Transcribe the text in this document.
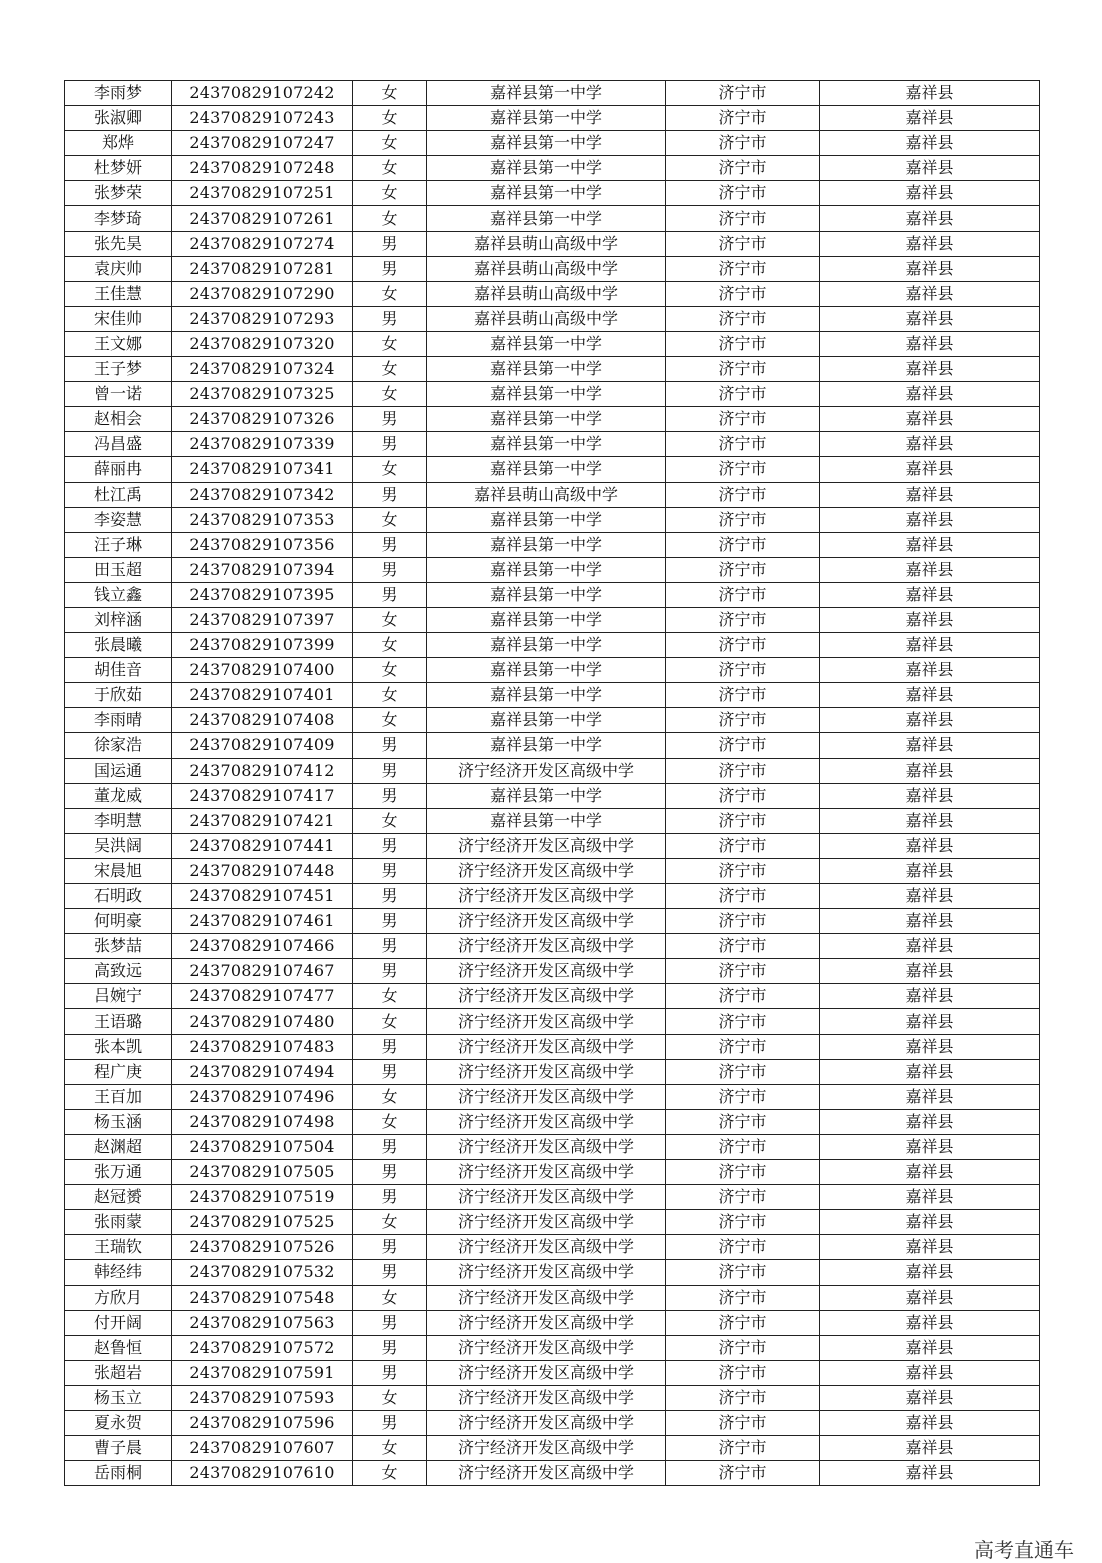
李雨梦	24370829107242	女	嘉祥县第一中学	济宁市	嘉祥县
张淑卿	24370829107243	女	嘉祥县第一中学	济宁市	嘉祥县
郑烨	24370829107247	女	嘉祥县第一中学	济宁市	嘉祥县
杜梦妍	24370829107248	女	嘉祥县第一中学	济宁市	嘉祥县
张梦荣	24370829107251	女	嘉祥县第一中学	济宁市	嘉祥县
李梦琦	24370829107261	女	嘉祥县第一中学	济宁市	嘉祥县
张先昊	24370829107274	男	嘉祥县萌山高级中学	济宁市	嘉祥县
袁庆帅	24370829107281	男	嘉祥县萌山高级中学	济宁市	嘉祥县
王佳慧	24370829107290	女	嘉祥县萌山高级中学	济宁市	嘉祥县
宋佳帅	24370829107293	男	嘉祥县萌山高级中学	济宁市	嘉祥县
王文娜	24370829107320	女	嘉祥县第一中学	济宁市	嘉祥县
王子梦	24370829107324	女	嘉祥县第一中学	济宁市	嘉祥县
曾一诺	24370829107325	女	嘉祥县第一中学	济宁市	嘉祥县
赵相会	24370829107326	男	嘉祥县第一中学	济宁市	嘉祥县
冯昌盛	24370829107339	男	嘉祥县第一中学	济宁市	嘉祥县
薛丽冉	24370829107341	女	嘉祥县第一中学	济宁市	嘉祥县
杜江禹	24370829107342	男	嘉祥县萌山高级中学	济宁市	嘉祥县
李姿慧	24370829107353	女	嘉祥县第一中学	济宁市	嘉祥县
汪子琳	24370829107356	男	嘉祥县第一中学	济宁市	嘉祥县
田玉超	24370829107394	男	嘉祥县第一中学	济宁市	嘉祥县
钱立鑫	24370829107395	男	嘉祥县第一中学	济宁市	嘉祥县
刘梓涵	24370829107397	女	嘉祥县第一中学	济宁市	嘉祥县
张晨曦	24370829107399	女	嘉祥县第一中学	济宁市	嘉祥县
胡佳音	24370829107400	女	嘉祥县第一中学	济宁市	嘉祥县
于欣茹	24370829107401	女	嘉祥县第一中学	济宁市	嘉祥县
李雨晴	24370829107408	女	嘉祥县第一中学	济宁市	嘉祥县
徐家浩	24370829107409	男	嘉祥县第一中学	济宁市	嘉祥县
国运通	24370829107412	男	济宁经济开发区高级中学	济宁市	嘉祥县
董龙威	24370829107417	男	嘉祥县第一中学	济宁市	嘉祥县
李明慧	24370829107421	女	嘉祥县第一中学	济宁市	嘉祥县
吴洪阔	24370829107441	男	济宁经济开发区高级中学	济宁市	嘉祥县
宋晨旭	24370829107448	男	济宁经济开发区高级中学	济宁市	嘉祥县
石明政	24370829107451	男	济宁经济开发区高级中学	济宁市	嘉祥县
何明豪	24370829107461	男	济宁经济开发区高级中学	济宁市	嘉祥县
张梦喆	24370829107466	男	济宁经济开发区高级中学	济宁市	嘉祥县
高致远	24370829107467	男	济宁经济开发区高级中学	济宁市	嘉祥县
吕婉宁	24370829107477	女	济宁经济开发区高级中学	济宁市	嘉祥县
王语璐	24370829107480	女	济宁经济开发区高级中学	济宁市	嘉祥县
张本凯	24370829107483	男	济宁经济开发区高级中学	济宁市	嘉祥县
程广庚	24370829107494	男	济宁经济开发区高级中学	济宁市	嘉祥县
王百加	24370829107496	女	济宁经济开发区高级中学	济宁市	嘉祥县
杨玉涵	24370829107498	女	济宁经济开发区高级中学	济宁市	嘉祥县
赵渊超	24370829107504	男	济宁经济开发区高级中学	济宁市	嘉祥县
张万通	24370829107505	男	济宁经济开发区高级中学	济宁市	嘉祥县
赵冠赟	24370829107519	男	济宁经济开发区高级中学	济宁市	嘉祥县
张雨蒙	24370829107525	女	济宁经济开发区高级中学	济宁市	嘉祥县
王瑞钦	24370829107526	男	济宁经济开发区高级中学	济宁市	嘉祥县
韩经纬	24370829107532	男	济宁经济开发区高级中学	济宁市	嘉祥县
方欣月	24370829107548	女	济宁经济开发区高级中学	济宁市	嘉祥县
付开阔	24370829107563	男	济宁经济开发区高级中学	济宁市	嘉祥县
赵鲁恒	24370829107572	男	济宁经济开发区高级中学	济宁市	嘉祥县
张超岩	24370829107591	男	济宁经济开发区高级中学	济宁市	嘉祥县
杨玉立	24370829107593	女	济宁经济开发区高级中学	济宁市	嘉祥县
夏永贺	24370829107596	男	济宁经济开发区高级中学	济宁市	嘉祥县
曹子晨	24370829107607	女	济宁经济开发区高级中学	济宁市	嘉祥县
岳雨桐	24370829107610	女	济宁经济开发区高级中学	济宁市	嘉祥县
高考直通车
